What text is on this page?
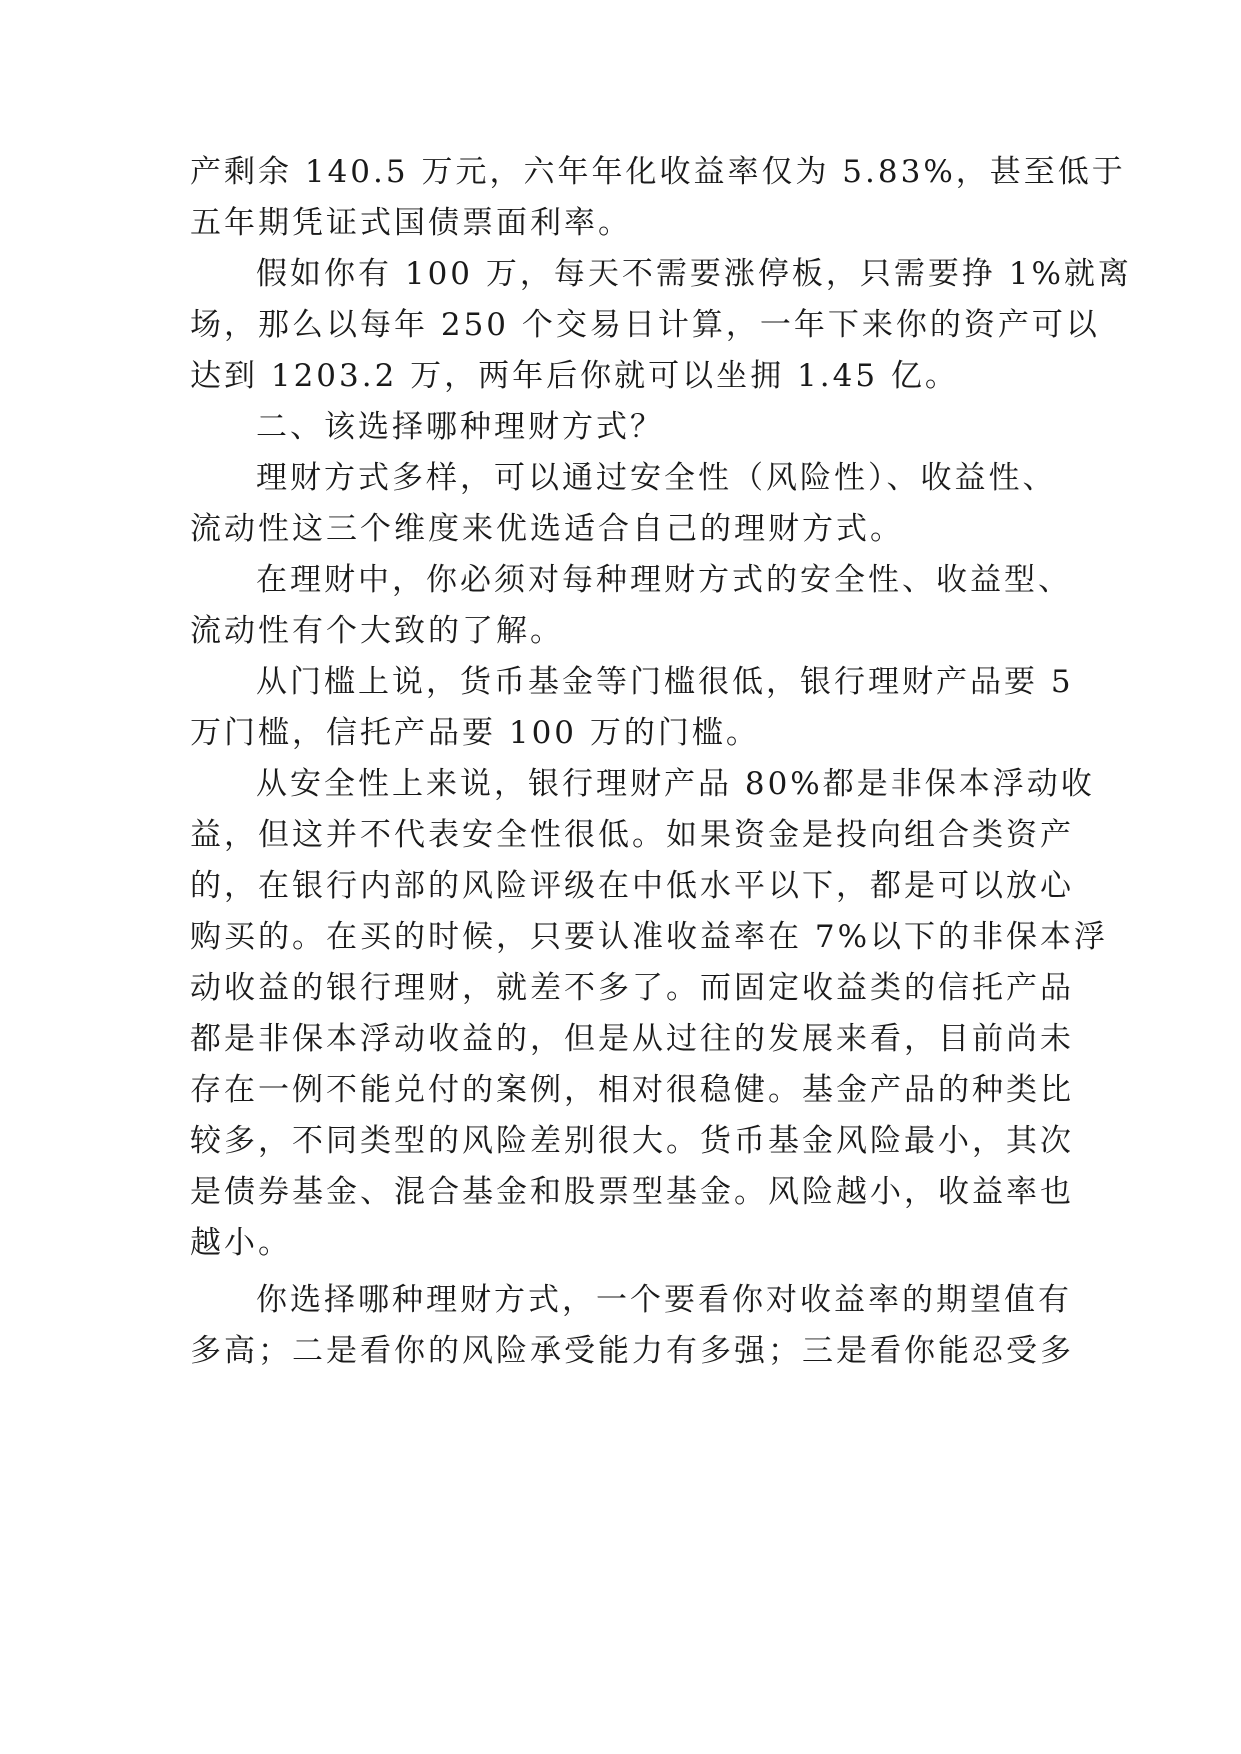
产剩余 140.5 万元，六年年化收益率仅为 5.83%，甚至低于
五年期凭证式国债票面利率。
假如你有 100 万，每天不需要涨停板，只需要挣 1%就离
场，那么以每年 250 个交易日计算，一年下来你的资产可以
达到 1203.2 万，两年后你就可以坐拥 1.45 亿。
二、该选择哪种理财方式？
理财方式多样，可以通过安全性（风险性）、收益性、
流动性这三个维度来优选适合自己的理财方式。
在理财中，你必须对每种理财方式的安全性、收益型、
流动性有个大致的了解。
从门槛上说，货币基金等门槛很低，银行理财产品要 5
万门槛，信托产品要 100 万的门槛。
从安全性上来说，银行理财产品 80%都是非保本浮动收
益，但这并不代表安全性很低。如果资金是投向组合类资产
的，在银行内部的风险评级在中低水平以下，都是可以放心
购买的。在买的时候，只要认准收益率在 7%以下的非保本浮
动收益的银行理财，就差不多了。而固定收益类的信托产品
都是非保本浮动收益的，但是从过往的发展来看，目前尚未
存在一例不能兑付的案例，相对很稳健。基金产品的种类比
较多，不同类型的风险差别很大。货币基金风险最小，其次
是债券基金、混合基金和股票型基金。风险越小，收益率也
越小。
你选择哪种理财方式，一个要看你对收益率的期望值有
多高；二是看你的风险承受能力有多强；三是看你能忍受多
